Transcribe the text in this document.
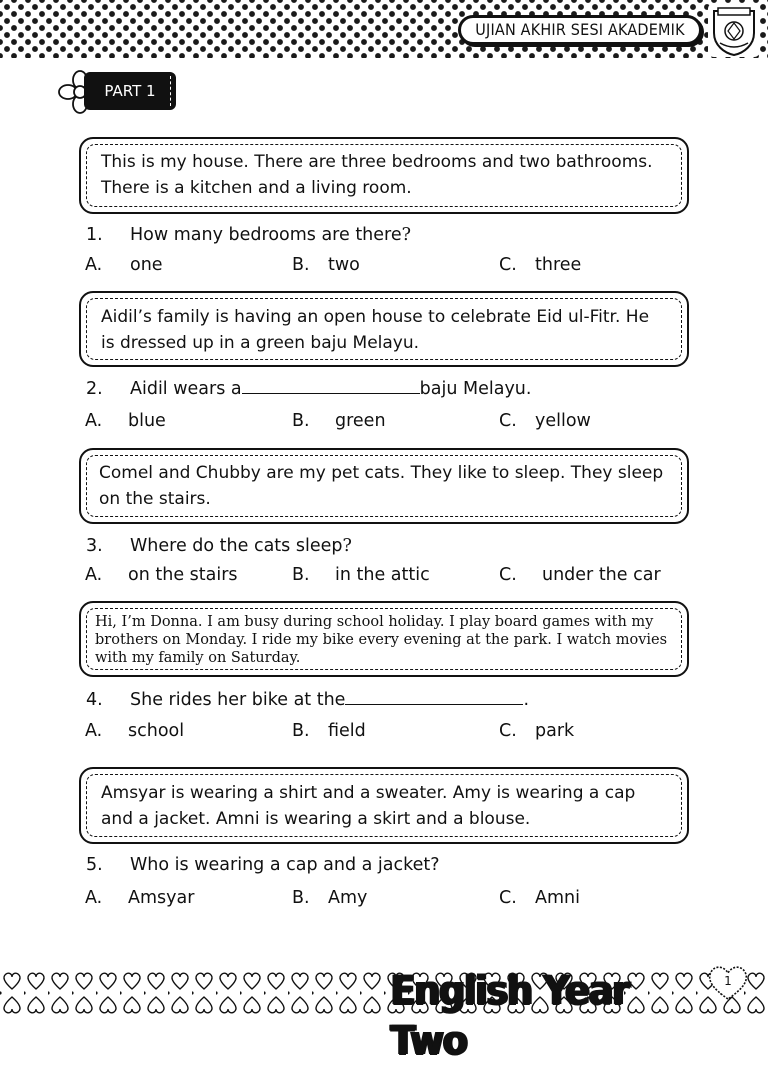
UJIAN AKHIR SESI AKADEMIK
PART 1

This is my house. There are three bedrooms and two bathrooms. There is a kitchen and a living room.

1. How many bedrooms are there?
A. one	B. two	C. three

Aidil’s family is having an open house to celebrate Eid ul-Fitr. He is dressed up in a green baju Melayu.

2. Aidil wears a	baju Melayu.
A. blue	B. green	C. yellow

Comel and Chubby are my pet cats. They like to sleep. They sleep on the stairs.

3. Where do the cats sleep?
A. on the stairs	B. in the attic	C. under the car

Hi, I’m Donna. I am busy during school holiday. I play board games with my brothers on Monday. I ride my bike every evening at the park. I watch movies with my family on Saturday.

4. She rides her bike at the	.
A. school	B. field	C. park

Amsyar is wearing a shirt and a sweater. Amy is wearing a cap and a jacket. Amni is wearing a skirt and a blouse.

5. Who is wearing a cap and a jacket?
A. Amsyar	B. Amy	C. Amni
English Year Two
1
